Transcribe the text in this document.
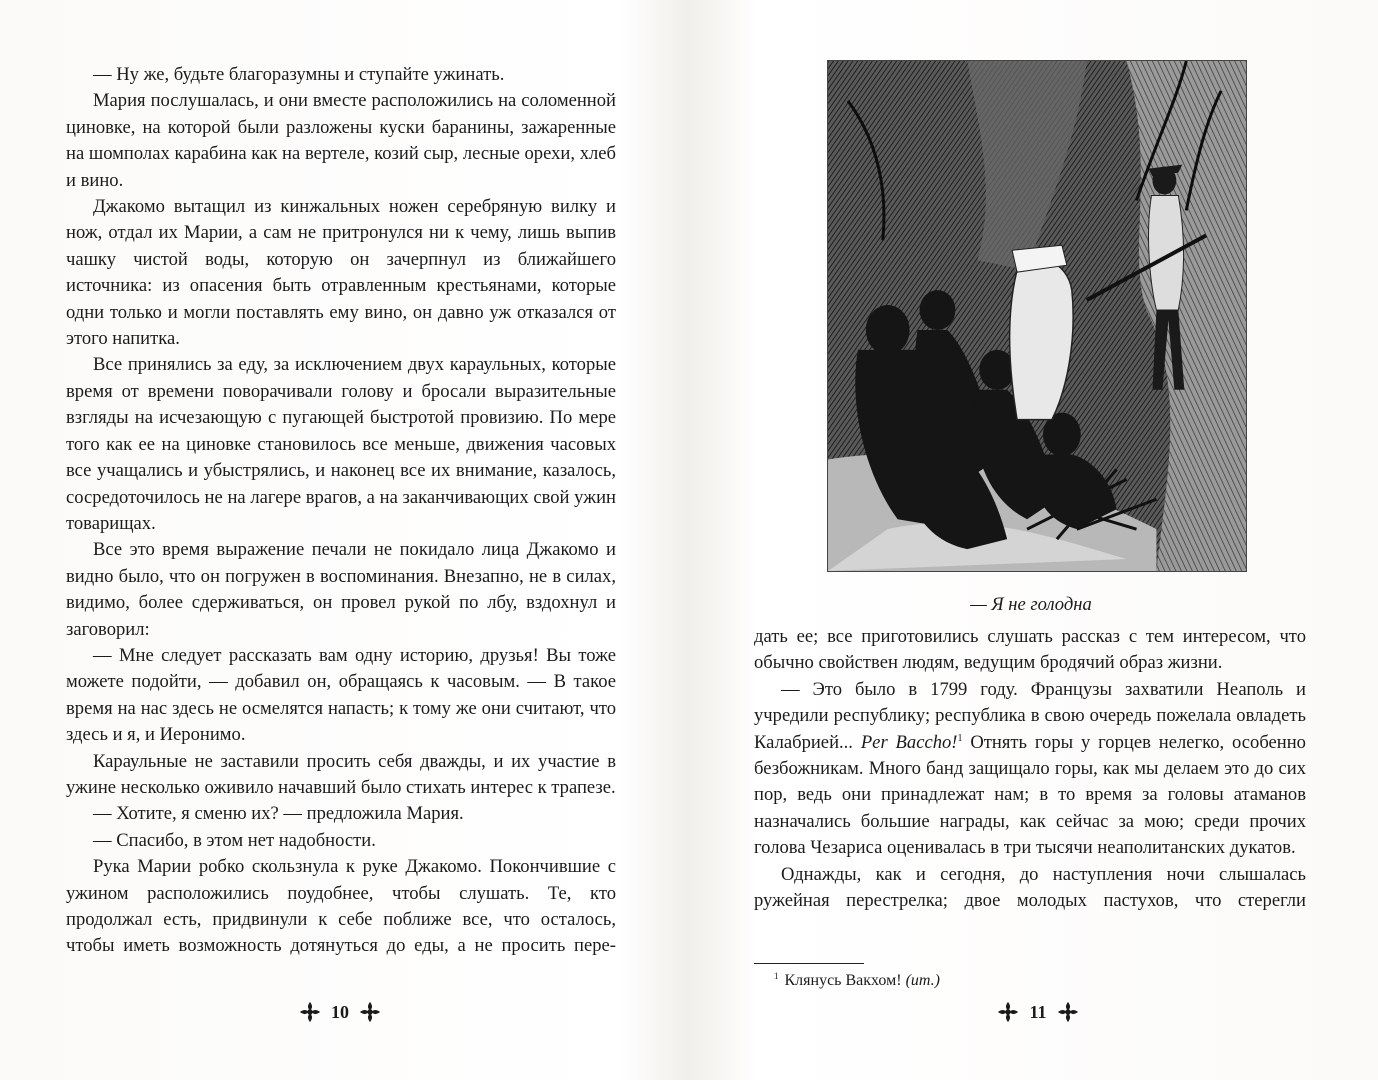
— Ну же, будьте благоразумны и ступайте ужинать.

Мария послушалась, и они вместе расположились на соломенной циновке, на которой были разложены куски баранины, зажаренные на шомполах карабина как на вертеле, козий сыр, лесные орехи, хлеб и вино.

Джакомо вытащил из кинжальных ножен серебряную вилку и нож, отдал их Марии, а сам не притронулся ни к чему, лишь выпив чашку чистой воды, которую он зачерпнул из ближайшего источника: из опасения быть отравленным крестьянами, которые одни только и могли поставлять ему вино, он давно уж отказался от этого напитка.

Все принялись за еду, за исключением двух караульных, которые время от времени поворачивали голову и бросали выразительные взгляды на исчезающую с пугающей быстротой провизию. По мере того как ее на циновке становилось все меньше, движения часовых все учащались и убыстрялись, и наконец все их внимание, казалось, сосредоточилось не на лагере врагов, а на заканчивающих свой ужин товарищах.

Все это время выражение печали не покидало лица Джакомо и видно было, что он погружен в воспоминания. Внезапно, не в силах, видимо, более сдерживаться, он провел рукой по лбу, вздохнул и заговорил:

— Мне следует рассказать вам одну историю, друзья! Вы тоже можете подойти, — добавил он, обращаясь к часовым. — В такое время на нас здесь не осмелятся напасть; к тому же они считают, что здесь и я, и Иеронимо.

Караульные не заставили просить себя дважды, и их участие в ужине несколько оживило начавший было стихать интерес к трапезе.

— Хотите, я сменю их? — предложила Мария.

— Спасибо, в этом нет надобности.

Рука Марии робко скользнула к руке Джакомо. Покончившие с ужином расположились поудобнее, чтобы слушать. Те, кто продолжал есть, придвинули к себе поближе все, что осталось, чтобы иметь возможность дотянуться до еды, а не просить пере-

10
— Я не голодна

дать ее; все приготовились слушать рассказ с тем интересом, что обычно свойствен людям, ведущим бродячий образ жизни.

— Это было в 1799 году. Французы захватили Неаполь и учредили республику; республика в свою очередь пожелала овладеть Калабрией... Per Baccho!$^1$ Отнять горы у горцев нелегко, особенно безбожникам. Много банд защищало горы, как мы делаем это до сих пор, ведь они принадлежат нам; в то время за головы атаманов назначались большие награды, как сейчас за мою; среди прочих голова Чезариса оценивалась в три тысячи неаполитанских дукатов.

Однажды, как и сегодня, до наступления ночи слышалась ружейная перестрелка; двое молодых пастухов, что стерегли

$^1$ Клянусь Вакхом! (ит.)
11
